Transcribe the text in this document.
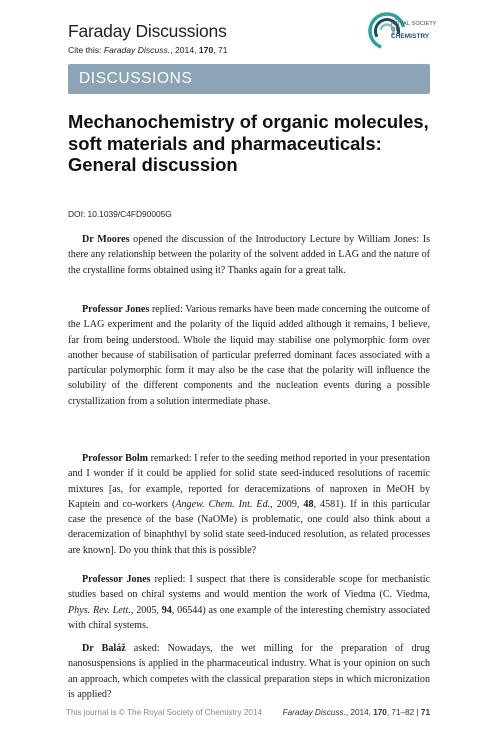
Faraday Discussions
Cite this: Faraday Discuss., 2014, 170, 71
ROYAL SOCIETY
OF
CHEMISTRY
DISCUSSIONS
Mechanochemistry of organic molecules, soft materials and pharmaceuticals: General discussion
DOI: 10.1039/C4FD90005G

Dr Moores opened the discussion of the Introductory Lecture by William Jones: Is there any relationship between the polarity of the solvent added in LAG and the nature of the crystalline forms obtained using it? Thanks again for a great talk.

Professor Jones replied: Various remarks have been made concerning the outcome of the LAG experiment and the polarity of the liquid added although it remains, I believe, far from being understood. Whole the liquid may stabilise one polymorphic form over another because of stabilisation of particular preferred dominant faces associated with a particular polymorphic form it may also be the case that the polarity will influence the solubility of the different components and the nucleation events during a possible crystallization from a solution intermediate phase.

Professor Bolm remarked: I refer to the seeding method reported in your presentation and I wonder if it could be applied for solid state seed-induced resolutions of racemic mixtures [as, for example, reported for deracemizations of naproxen in MeOH by Kaptein and co-workers (Angew. Chem. Int. Ed., 2009, 48, 4581). If in this particular case the presence of the base (NaOMe) is problematic, one could also think about a deracemization of binaphthyl by solid state seed-induced resolution, as related processes are known]. Do you think that this is possible?

Professor Jones replied: I suspect that there is considerable scope for mechanistic studies based on chiral systems and would mention the work of Viedma (C. Viedma, Phys. Rev. Lett., 2005, 94, 06544) as one example of the interesting chemistry associated with chiral systems.

Dr Baláž asked: Nowadays, the wet milling for the preparation of drug nanosuspensions is applied in the pharmaceutical industry. What is your opinion on such an approach, which competes with the classical preparation steps in which micronization is applied?

This journal is © The Royal Society of Chemistry 2014	Faraday Discuss., 2014, 170, 71–82 | 71
